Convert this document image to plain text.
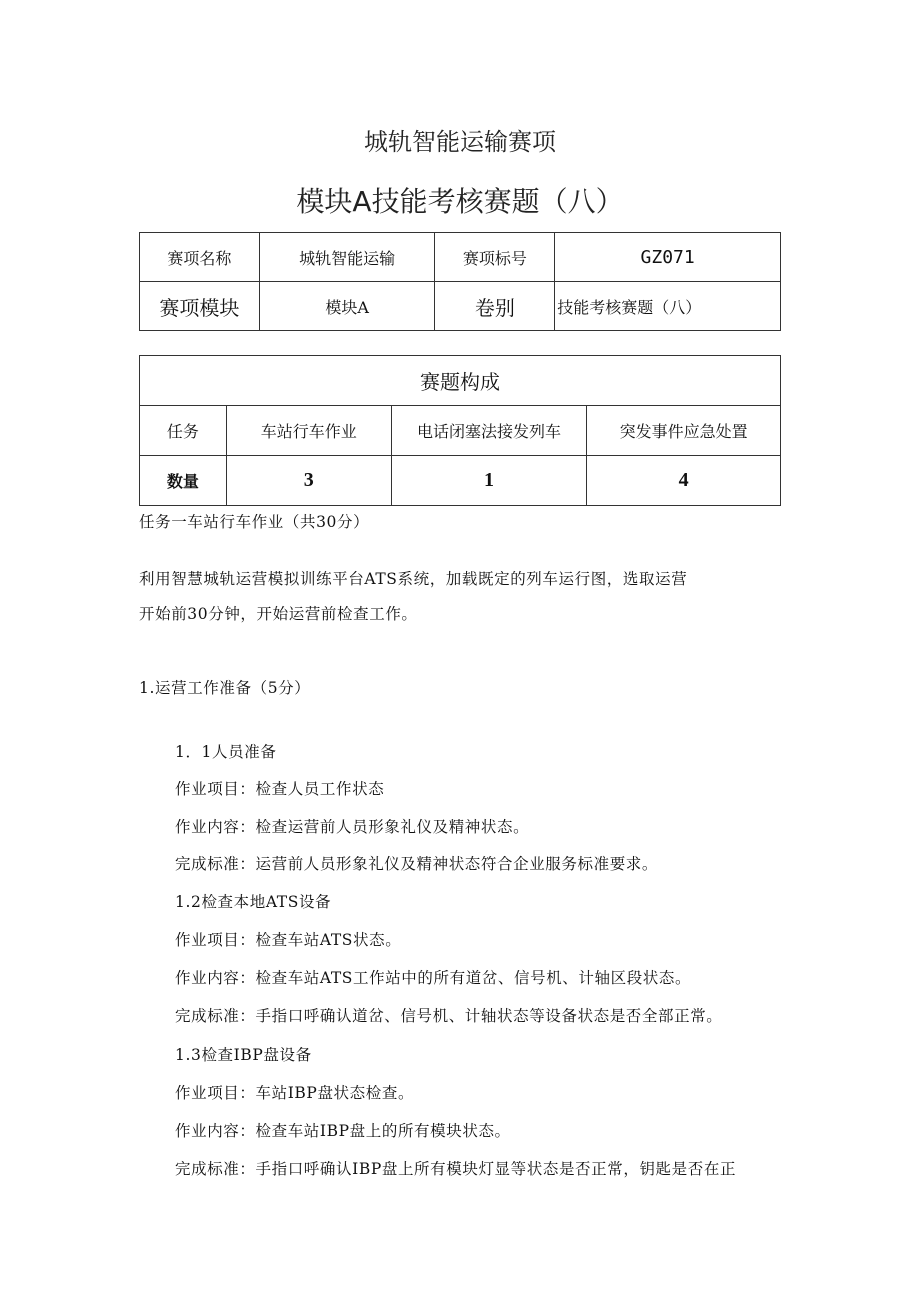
城轨智能运输赛项
模块A技能考核赛题（八）
赛项名称	城轨智能运输	赛项标号	GZ071
赛项模块	模块A	卷别	技能考核赛题（八）
赛题构成			
任务	车站行车作业	电话闭塞法接发列车	突发事件应急处置
数量	3	1	4
任务一车站行车作业（共30分）
利用智慧城轨运营模拟训练平台ATS系统，加载既定的列车运行图，选取运营
开始前30分钟，开始运营前检查工作。
1.运营工作准备（5分）
1．1人员准备
作业项目：检查人员工作状态
作业内容：检查运营前人员形象礼仪及精神状态。
完成标准：运营前人员形象礼仪及精神状态符合企业服务标准要求。
1.2检查本地ATS设备
作业项目：检查车站ATS状态。
作业内容：检查车站ATS工作站中的所有道岔、信号机、计轴区段状态。
完成标准：手指口呼确认道岔、信号机、计轴状态等设备状态是否全部正常。
1.3检查IBP盘设备
作业项目：车站IBP盘状态检查。
作业内容：检查车站IBP盘上的所有模块状态。
完成标准：手指口呼确认IBP盘上所有模块灯显等状态是否正常，钥匙是否在正
